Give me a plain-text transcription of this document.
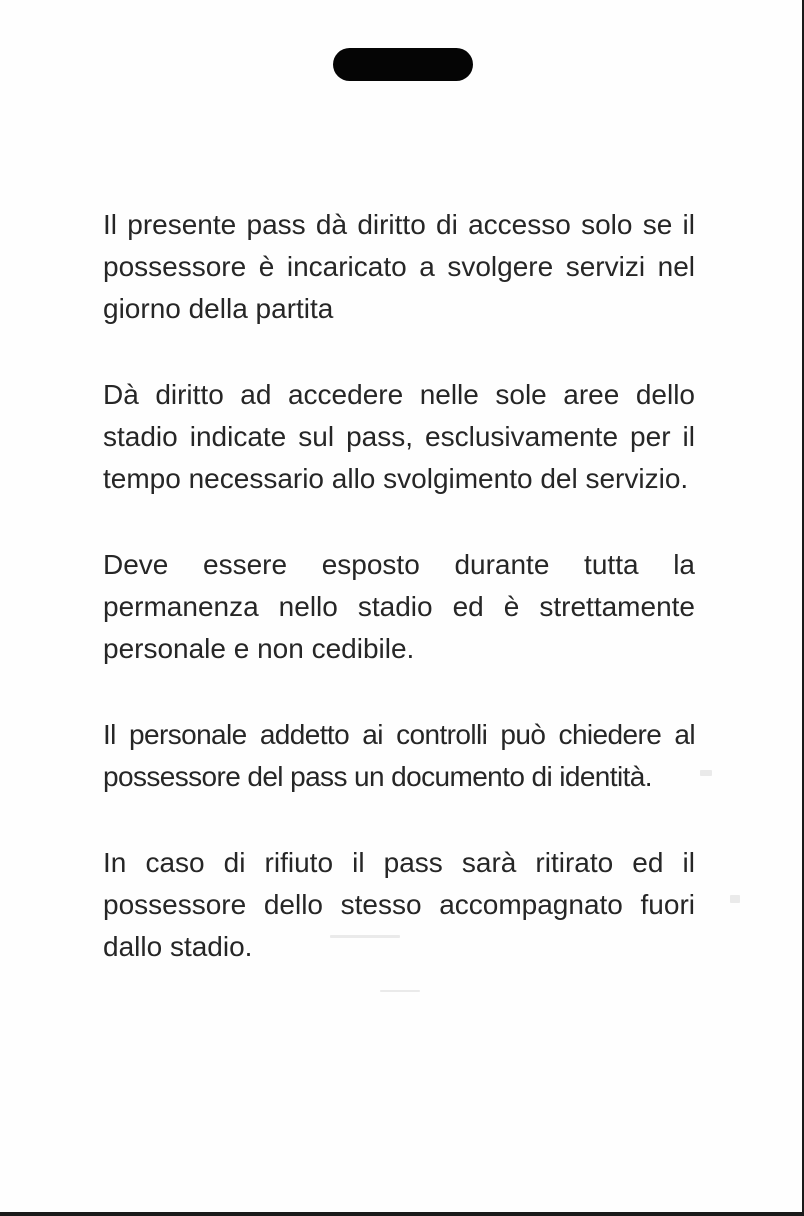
Il presente pass dà diritto di accesso solo se il possessore è incaricato a svolgere servizi nel giorno della partita

Dà diritto ad accedere nelle sole aree dello stadio indicate sul pass, esclusivamente per il tempo necessario allo svolgimento del servizio.

Deve essere esposto durante tutta la permanenza nello stadio ed è strettamente personale e non cedibile.

Il personale addetto ai controlli può chiedere al possessore del pass un documento di identità.

In caso di rifiuto il pass sarà ritirato ed il possessore dello stesso accompagnato fuori dallo stadio.
